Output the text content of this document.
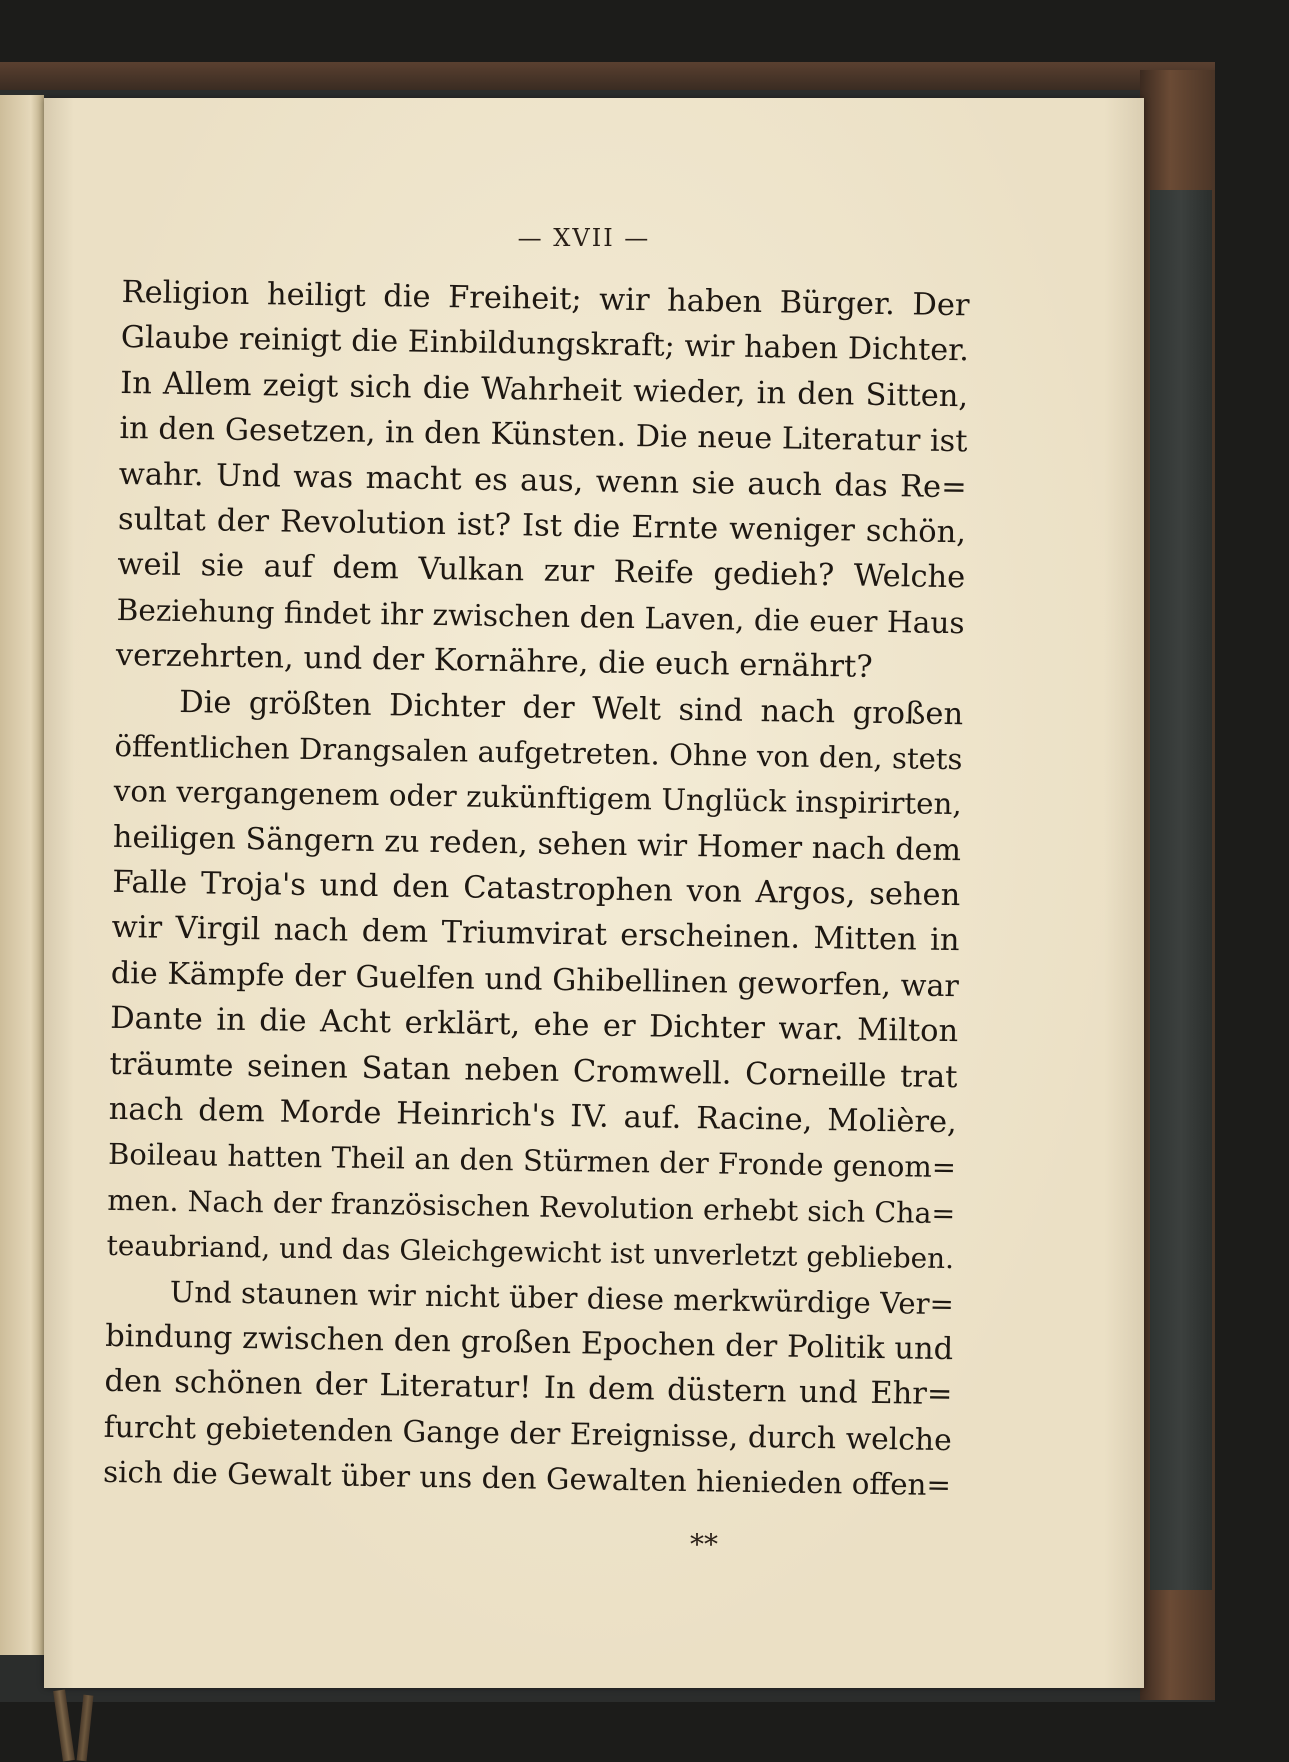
— XVII —
Religion heiligt die Freiheit; wir haben Bürger. Der
Glaube reinigt die Einbildungskraft; wir haben Dichter.
In Allem zeigt sich die Wahrheit wieder, in den Sitten,
in den Gesetzen, in den Künsten. Die neue Literatur ist
wahr. Und was macht es aus, wenn sie auch das Re=
sultat der Revolution ist? Ist die Ernte weniger schön,
weil sie auf dem Vulkan zur Reife gedieh? Welche
Beziehung findet ihr zwischen den Laven, die euer Haus
verzehrten, und der Kornähre, die euch ernährt?
Die größten Dichter der Welt sind nach großen
öffentlichen Drangsalen aufgetreten. Ohne von den, stets
von vergangenem oder zukünftigem Unglück inspirirten,
heiligen Sängern zu reden, sehen wir Homer nach dem
Falle Troja's und den Catastrophen von Argos, sehen
wir Virgil nach dem Triumvirat erscheinen. Mitten in
die Kämpfe der Guelfen und Ghibellinen geworfen, war
Dante in die Acht erklärt, ehe er Dichter war. Milton
träumte seinen Satan neben Cromwell. Corneille trat
nach dem Morde Heinrich's IV. auf. Racine, Molière,
Boileau hatten Theil an den Stürmen der Fronde genom=
men. Nach der französischen Revolution erhebt sich Cha=
teaubriand, und das Gleichgewicht ist unverletzt geblieben.
Und staunen wir nicht über diese merkwürdige Ver=
bindung zwischen den großen Epochen der Politik und
den schönen der Literatur! In dem düstern und Ehr=
furcht gebietenden Gange der Ereignisse, durch welche
sich die Gewalt über uns den Gewalten hienieden offen=
**
